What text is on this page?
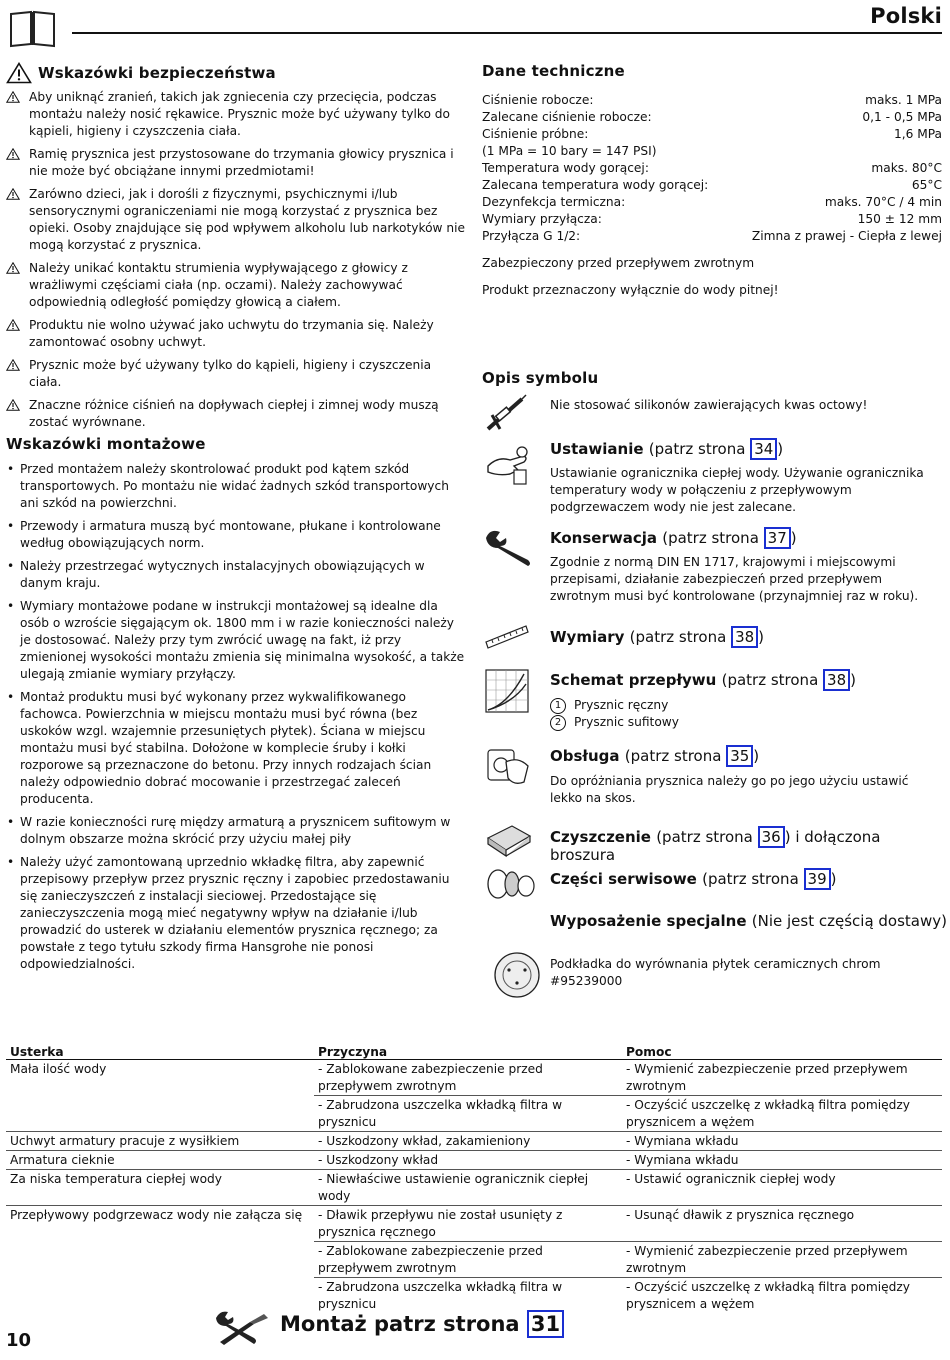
Polski
Wskazówki bezpieczeństwa
Aby uniknąć zranień, takich jak zgniecenia czy przecięcia, podczas montażu należy nosić rękawice. Prysznic może być używany tylko do kąpieli, higieny i czyszczenia ciała.
Ramię prysznica jest przystosowane do trzymania głowicy prysznica i nie może być obciążane innymi przedmiotami!
Zarówno dzieci, jak i dorośli z fizycznymi, psychicznymi i/lub sensorycznymi ograniczeniami nie mogą korzystać z prysznica bez opieki. Osoby znajdujące się pod wpływem alkoholu lub narkotyków nie mogą korzystać z prysznica.
Należy unikać kontaktu strumienia wypływającego z głowicy z wrażliwymi częściami ciała (np. oczami). Należy zachowywać odpowiednią odległość pomiędzy głowicą a ciałem.
Produktu nie wolno używać jako uchwytu do trzymania się. Należy zamontować osobny uchwyt.
Prysznic może być używany tylko do kąpieli, higieny i czyszczenia ciała.
Znaczne różnice ciśnień na dopływach ciepłej i zimnej wody muszą zostać wyrównane.
Wskazówki montażowe
• Przed montażem należy skontrolować produkt pod kątem szkód transportowych. Po montażu nie widać żadnych szkód transportowych ani szkód na powierzchni.
• Przewody i armatura muszą być montowane, płukane i kontrolowane według obowiązujących norm.
• Należy przestrzegać wytycznych instalacyjnych obowiązujących w danym kraju.
• Wymiary montażowe podane w instrukcji montażowej są idealne dla osób o wzroście sięgającym ok. 1800 mm i w razie konieczności należy je dostosować. Należy przy tym zwrócić uwagę na fakt, iż przy zmienionej wysokości montażu zmienia się minimalna wysokość, a także ulegają zmianie wymiary przyłączy.
• Montaż produktu musi być wykonany przez wykwalifikowanego fachowca. Powierzchnia w miejscu montażu musi być równa (bez uskoków wzgl. wzajemnie przesuniętych płytek). Ściana w miejscu montażu musi być stabilna. Dołożone w komplecie śruby i kołki rozporowe są przeznaczone do betonu. Przy innych rodzajach ścian należy odpowiednio dobrać mocowanie i przestrzegać zaleceń producenta.
• W razie konieczności rurę między armaturą a prysznicem sufitowym w dolnym obszarze można skrócić przy użyciu małej piły
• Należy użyć zamontowaną uprzednio wkładkę filtra, aby zapewnić przepisowy przepływ przez prysznic ręczny i zapobiec przedostawaniu się zanieczyszczeń z instalacji sieciowej. Przedostające się zanieczyszczenia mogą mieć negatywny wpływ na działanie i/lub prowadzić do usterek w działaniu elementów prysznica ręcznego; za powstałe z tego tytułu szkody firma Hansgrohe nie ponosi odpowiedzialności.
Dane techniczne
Ciśnienie robocze:	maks. 1 MPa
Zalecane ciśnienie robocze:	0,1 - 0,5 MPa
Ciśnienie próbne:	1,6 MPa
(1 MPa = 10 bary = 147 PSI)
Temperatura wody gorącej:	maks. 80°C
Zalecana temperatura wody gorącej:	65°C
Dezynfekcja termiczna:	maks. 70°C / 4 min
Wymiary przyłącza:	150 ± 12 mm
Przyłącza G 1/2:	Zimna z prawej - Ciepła z lewej
Zabezpieczony przed przepływem zwrotnym
Produkt przeznaczony wyłącznie do wody pitnej!
Opis symbolu
Nie stosować silikonów zawierających kwas octowy!
Ustawianie (patrz strona 34 )
Ustawianie ogranicznika ciepłej wody. Używanie ogranicznika temperatury wody w połączeniu z przepływowym podgrzewaczem wody nie jest zalecane.
Konserwacja (patrz strona 37 )
Zgodnie z normą DIN EN 1717, krajowymi i miejscowymi przepisami, działanie zabezpieczeń przed przepływem zwrotnym musi być kontrolowane (przynajmniej raz w roku).
Wymiary (patrz strona 38 )
Schemat przepływu (patrz strona 38 )
1	Prysznic ręczny
2	Prysznic sufitowy
Obsługa (patrz strona 35 )
Do opróżniania prysznica należy go po jego użyciu ustawić lekko na skos.
Czyszczenie (patrz strona 36 ) i dołączona broszura
Części serwisowe (patrz strona 39 )
Wyposażenie specjalne (Nie jest częścią dostawy)
Podkładka do wyrównania płytek ceramicznych chrom #95239000
Usterka	Przyczyna	Pomoc
Mała ilość wody	- Zablokowane zabezpieczenie przed przepływem zwrotnym	- Wymienić zabezpieczenie przed przepływem zwrotnym
	- Zabrudzona uszczelka wkładką filtra w prysznicu	- Oczyścić uszczelkę z wkładką filtra pomiędzy prysznicem a wężem
Uchwyt armatury pracuje z wysiłkiem	- Uszkodzony wkład, zakamieniony	- Wymiana wkładu
Armatura cieknie	- Uszkodzony wkład	- Wymiana wkładu
Za niska temperatura ciepłej wody	- Niewłaściwe ustawienie ogranicznik ciepłej wody	- Ustawić ogranicznik ciepłej wody
Przepływowy podgrzewacz wody nie załącza się	- Dławik przepływu nie został usunięty z prysznica ręcznego	- Usunąć dławik z prysznica ręcznego
	- Zablokowane zabezpieczenie przed przepływem zwrotnym	- Wymienić zabezpieczenie przed przepływem zwrotnym
	- Zabrudzona uszczelka wkładką filtra w prysznicu	- Oczyścić uszczelkę z wkładką filtra pomiędzy prysznicem a wężem
10
Montaż patrz strona 31
